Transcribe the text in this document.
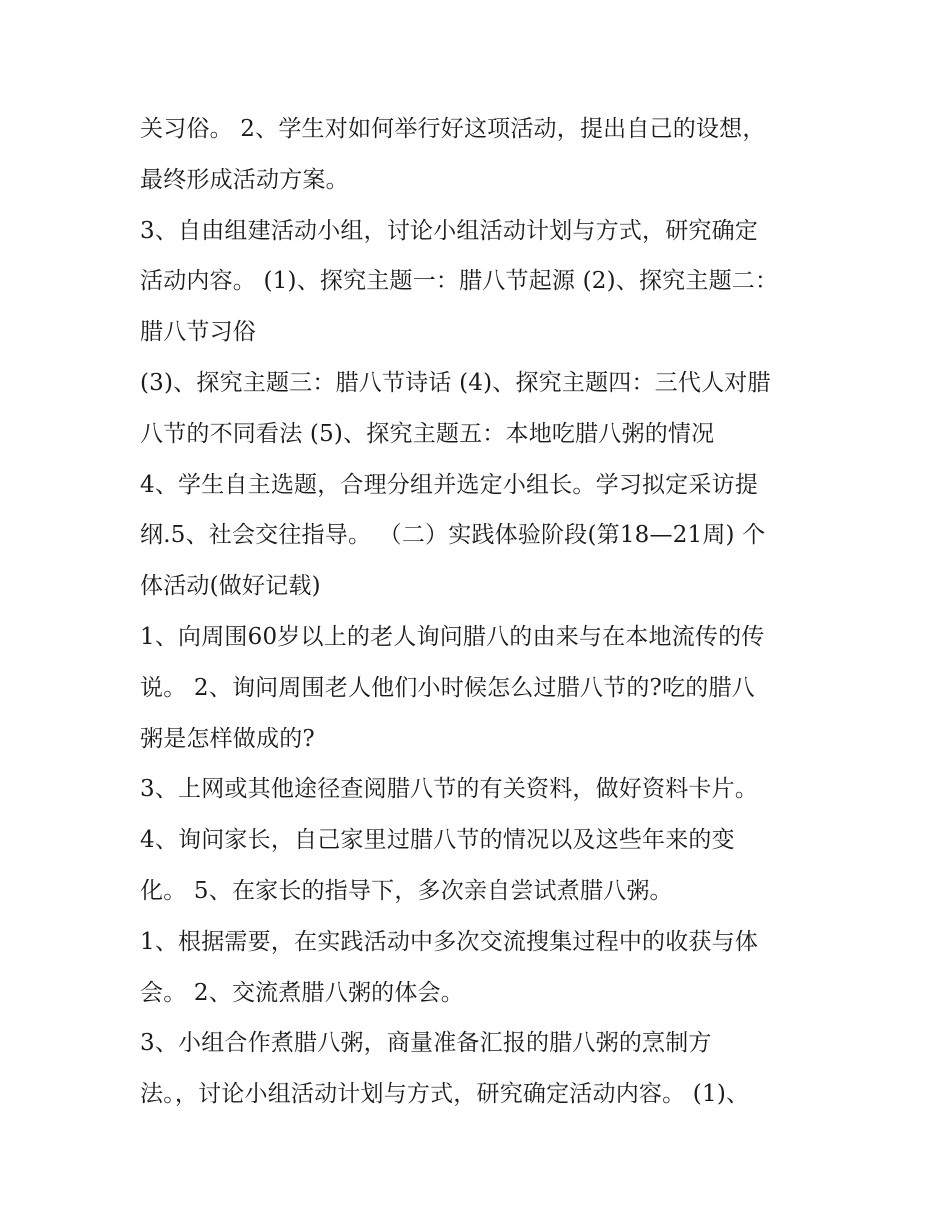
关习俗。 2、学生对如何举行好这项活动，提出自己的设想，
最终形成活动方案。
3、自由组建活动小组，讨论小组活动计划与方式，研究确定
活动内容。 (1)、探究主题一：腊八节起源 (2)、探究主题二：
腊八节习俗
(3)、探究主题三：腊八节诗话 (4)、探究主题四：三代人对腊
八节的不同看法 (5)、探究主题五：本地吃腊八粥的情况
4、学生自主选题，合理分组并选定小组长。学习拟定采访提
纲.5、社会交往指导。 （二）实践体验阶段(第18—21周) 个
体活动(做好记载)
1、向周围60岁以上的老人询问腊八的由来与在本地流传的传
说。 2、询问周围老人他们小时候怎么过腊八节的?吃的腊八
粥是怎样做成的?
3、上网或其他途径查阅腊八节的有关资料，做好资料卡片。
4、询问家长，自己家里过腊八节的情况以及这些年来的变
化。 5、在家长的指导下，多次亲自尝试煮腊八粥。
1、根据需要，在实践活动中多次交流搜集过程中的收获与体
会。 2、交流煮腊八粥的体会。
3、小组合作煮腊八粥，商量准备汇报的腊八粥的烹制方
法。，讨论小组活动计划与方式，研究确定活动内容。 (1)、
